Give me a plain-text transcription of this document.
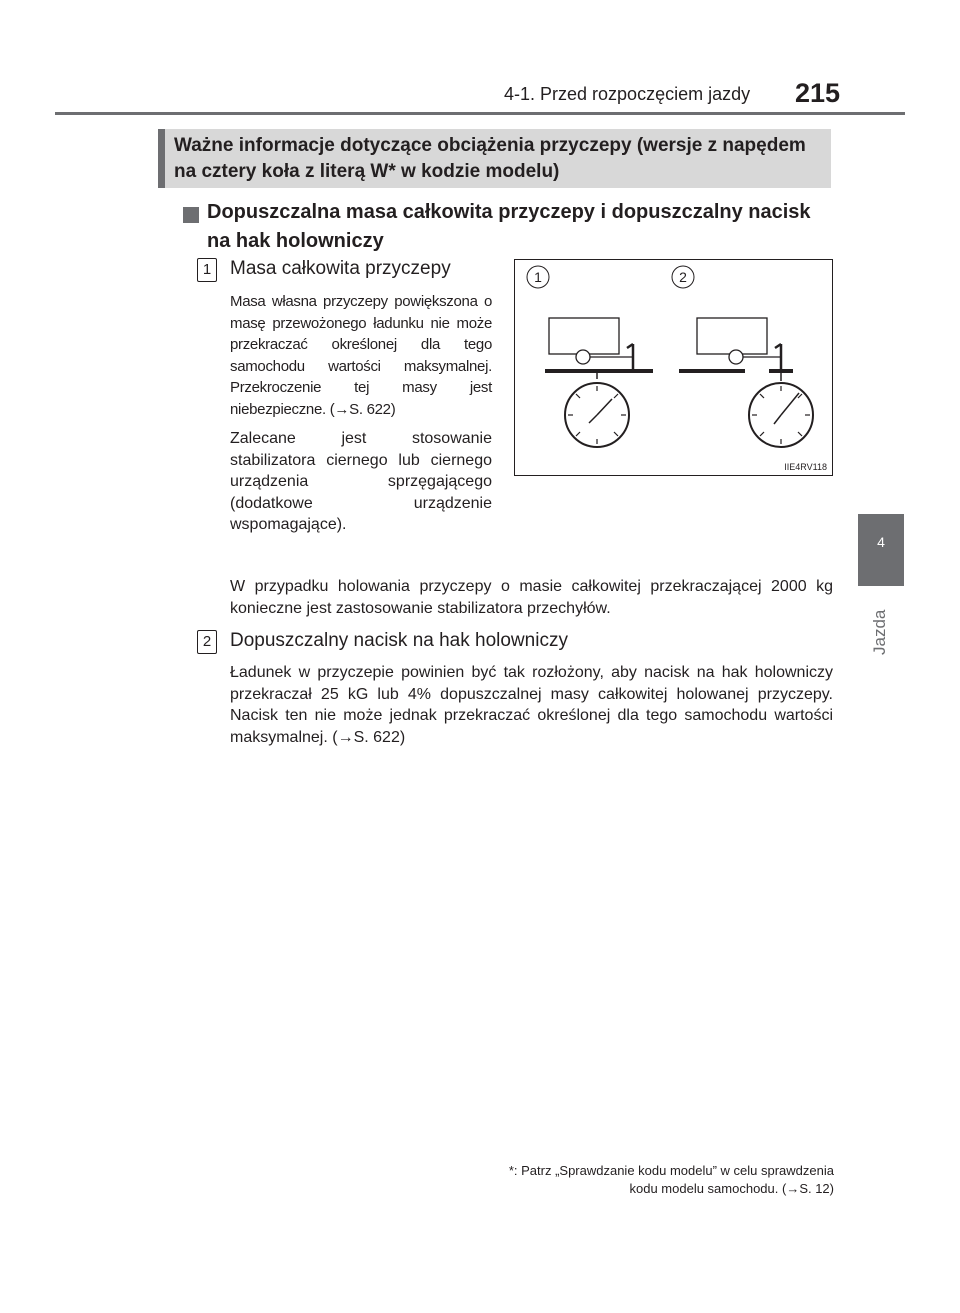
4-1. Przed rozpoczęciem jazdy 215
4
Jazda
Ważne informacje dotyczące obciążenia przyczepy (wersje z napędem na cztery koła z literą W* w kodzie modelu)
Dopuszczalna masa całkowita przyczepy i dopuszczalny nacisk na hak holowniczy
1 Masa całkowita przyczepy

Masa własna przyczepy powiększona o masę przewożonego ładunku nie może przekraczać określonej dla tego samochodu wartości maksymalnej. Przekroczenie tej masy jest niebezpieczne. (→S. 622)

Zalecane jest stosowanie stabilizatora ciernego lub ciernego urządzenia sprzęgającego (dodatkowe urządzenie wspomagające).

W przypadku holowania przyczepy o masie całkowitej przekraczającej 2000 kg konieczne jest zastosowanie stabilizatora przechyłów.

1	2
IIE4RV118
2 Dopuszczalny nacisk na hak holowniczy

Ładunek w przyczepie powinien być tak rozłożony, aby nacisk na hak holowniczy przekraczał 25 kG lub 4% dopuszczalnej masy całkowitej holowanej przyczepy. Nacisk ten nie może jednak przekraczać określonej dla tego samochodu wartości maksymalnej. (→S. 622)

*: Patrz „Sprawdzanie kodu modelu” w celu sprawdzenia
kodu modelu samochodu. (→S. 12)
